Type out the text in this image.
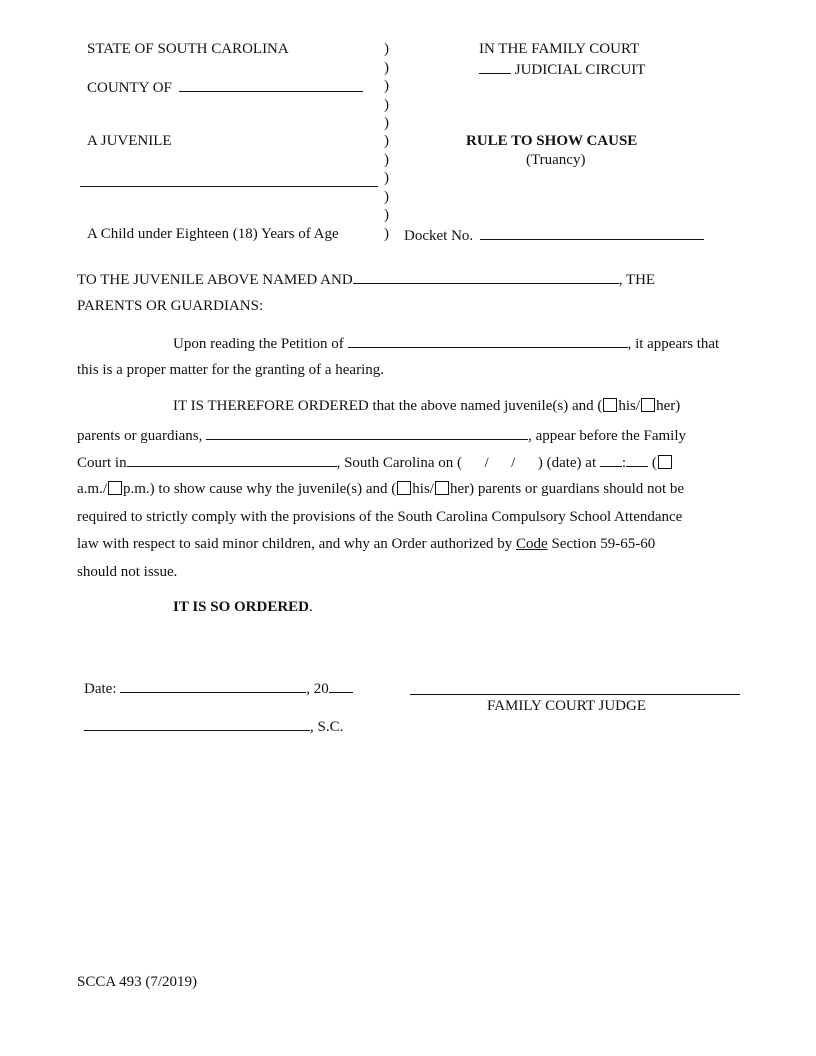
STATE OF SOUTH CAROLINA
COUNTY OF
A JUVENILE
A Child under Eighteen (18) Years of Age
)
)
)
)
)
)
)
)
)
)
)
IN THE FAMILY COURT
JUDICIAL CIRCUIT
RULE TO SHOW CAUSE
(Truancy)
Docket No.
TO THE JUVENILE ABOVE NAMED AND	, THE
PARENTS OR GUARDIANS:
Upon reading the Petition of	, it appears that
this is a proper matter for the granting of a hearing.
IT IS THEREFORE ORDERED that the above named juvenile(s) and ( his/ her)
parents or guardians,	, appear before the Family
Court in	, South Carolina on (      /      /      ) (date) at : (
a.m./ p.m.) to show cause why the juvenile(s) and ( his/ her) parents or guardians should not be
required to strictly comply with the provisions of the South Carolina Compulsory School Attendance
law with respect to said minor children, and why an Order authorized by Code Section 59-65-60
should not issue.
IT IS SO ORDERED.
Date:	, 20
FAMILY COURT JUDGE
, S.C.
SCCA 493 (7/2019)
